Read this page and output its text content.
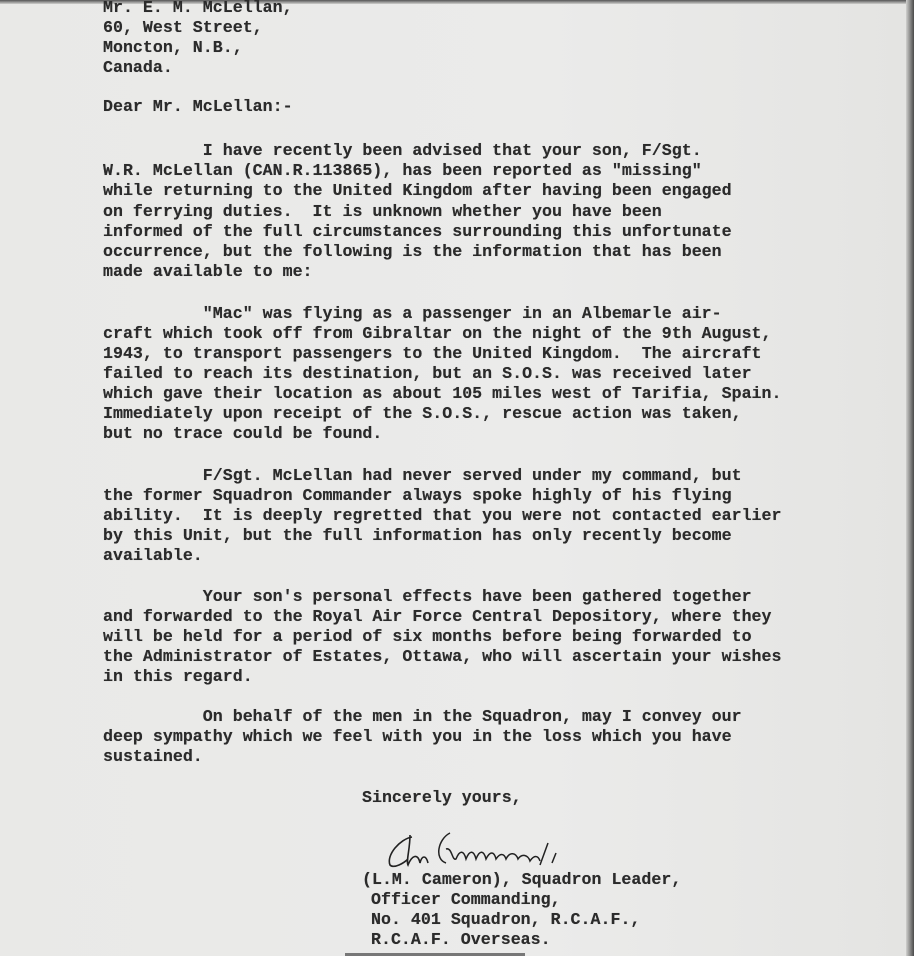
Mr. E. M. McLellan,
60, West Street,
Moncton, N.B.,
Canada.
Dear Mr. McLellan:-
I have recently been advised that your son, F/Sgt.
W.R. McLellan (CAN.R.113865), has been reported as "missing"
while returning to the United Kingdom after having been engaged
on ferrying duties.  It is unknown whether you have been
informed of the full circumstances surrounding this unfortunate
occurrence, but the following is the information that has been
made available to me:
"Mac" was flying as a passenger in an Albemarle air-
craft which took off from Gibraltar on the night of the 9th August,
1943, to transport passengers to the United Kingdom.  The aircraft
failed to reach its destination, but an S.O.S. was received later
which gave their location as about 105 miles west of Tarifia, Spain.
Immediately upon receipt of the S.O.S., rescue action was taken,
but no trace could be found.
F/Sgt. McLellan had never served under my command, but
the former Squadron Commander always spoke highly of his flying
ability.  It is deeply regretted that you were not contacted earlier
by this Unit, but the full information has only recently become
available.
Your son's personal effects have been gathered together
and forwarded to the Royal Air Force Central Depository, where they
will be held for a period of six months before being forwarded to
the Administrator of Estates, Ottawa, who will ascertain your wishes
in this regard.
On behalf of the men in the Squadron, may I convey our
deep sympathy which we feel with you in the loss which you have
sustained.
Sincerely yours,
(L.M. Cameron), Squadron Leader,
Officer Commanding,
No. 401 Squadron, R.C.A.F.,
R.C.A.F. Overseas.
